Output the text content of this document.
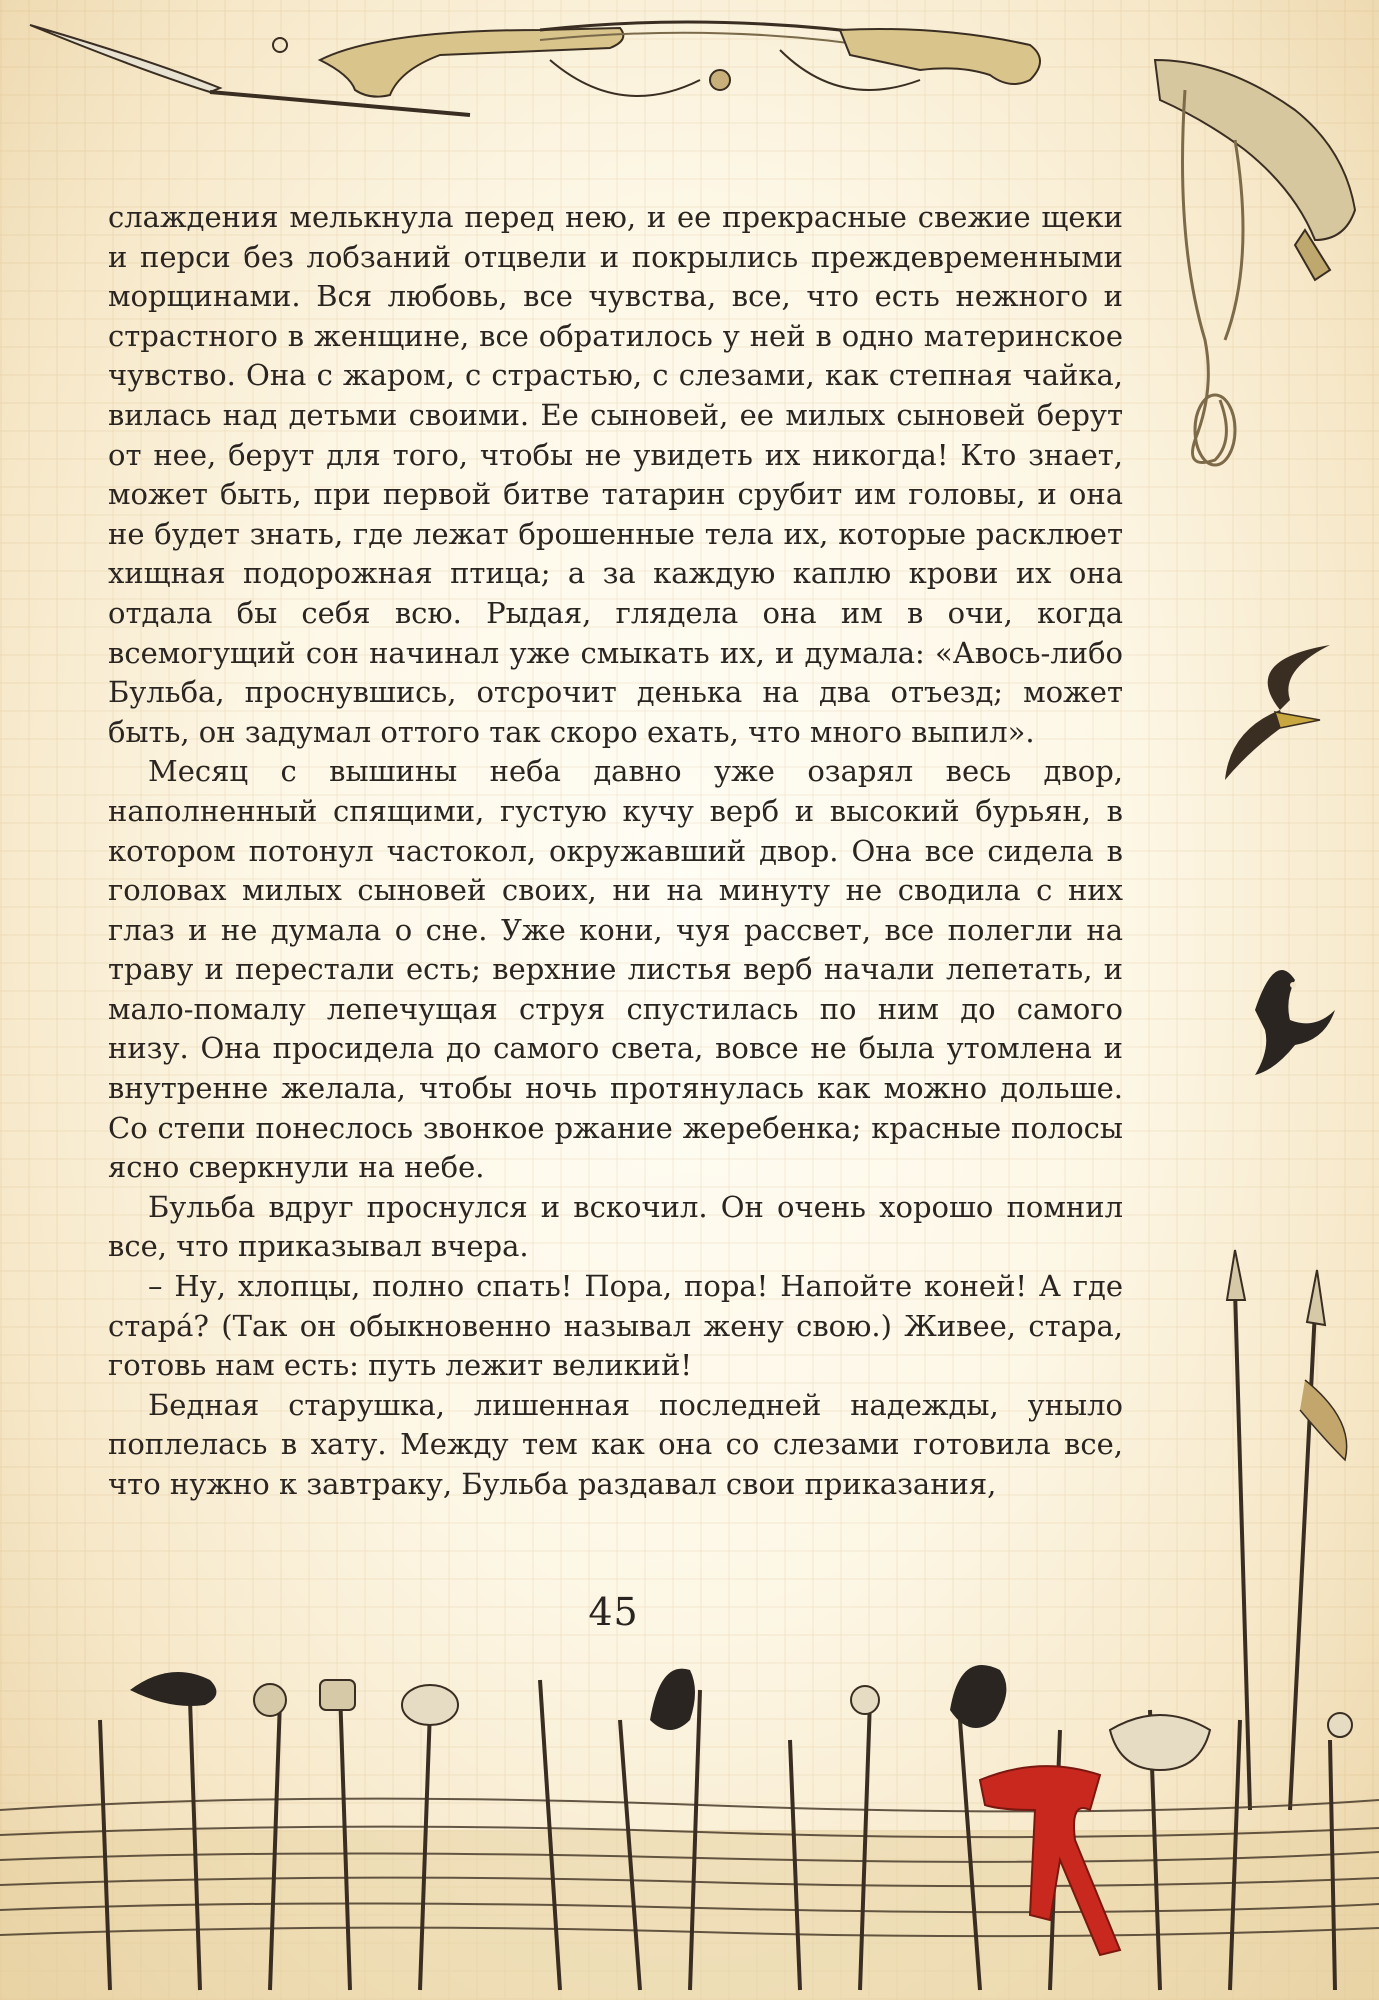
слаждения мелькнула перед нею, и ее прекрасные свежие щеки и перси без лобзаний отцвели и покрылись преждевременными морщинами. Вся любовь, все чувства, все, что есть нежного и страстного в женщине, все обратилось у ней в одно материнское чувство. Она с жаром, с страстью, с слезами, как степная чайка, вилась над детьми своими. Ее сыновей, ее милых сыновей берут от нее, берут для того, чтобы не увидеть их никогда! Кто знает, может быть, при первой битве татарин срубит им головы, и она не будет знать, где лежат брошенные тела их, которые расклюет хищная подорожная птица; а за каждую каплю крови их она отдала бы себя всю. Рыдая, глядела она им в очи, когда всемогущий сон начинал уже смыкать их, и думала: «Авось-либо Бульба, проснувшись, отсрочит денька на два отъезд; может быть, он задумал оттого так скоро ехать, что много выпил».

Месяц с вышины неба давно уже озарял весь двор, наполненный спящими, густую кучу верб и высокий бурьян, в котором потонул частокол, окружавший двор. Она все сидела в головах милых сыновей своих, ни на минуту не сводила с них глаз и не думала о сне. Уже кони, чуя рассвет, все полегли на траву и перестали есть; верхние листья верб начали лепетать, и мало-помалу лепечущая струя спустилась по ним до самого низу. Она просидела до самого света, вовсе не была утомлена и внутренне желала, чтобы ночь протянулась как можно дольше. Со степи понеслось звонкое ржание жеребенка; красные полосы ясно сверкнули на небе.

Бульба вдруг проснулся и вскочил. Он очень хорошо помнил все, что приказывал вчера.

– Ну, хлопцы, полно спать! Пора, пора! Напойте коней! А где стара́? (Так он обыкновенно называл жену свою.) Живее, стара, готовь нам есть: путь лежит великий!

Бедная старушка, лишенная последней надежды, уныло поплелась в хату. Между тем как она со слезами готовила все, что нужно к завтраку, Бульба раздавал свои приказания,

45
